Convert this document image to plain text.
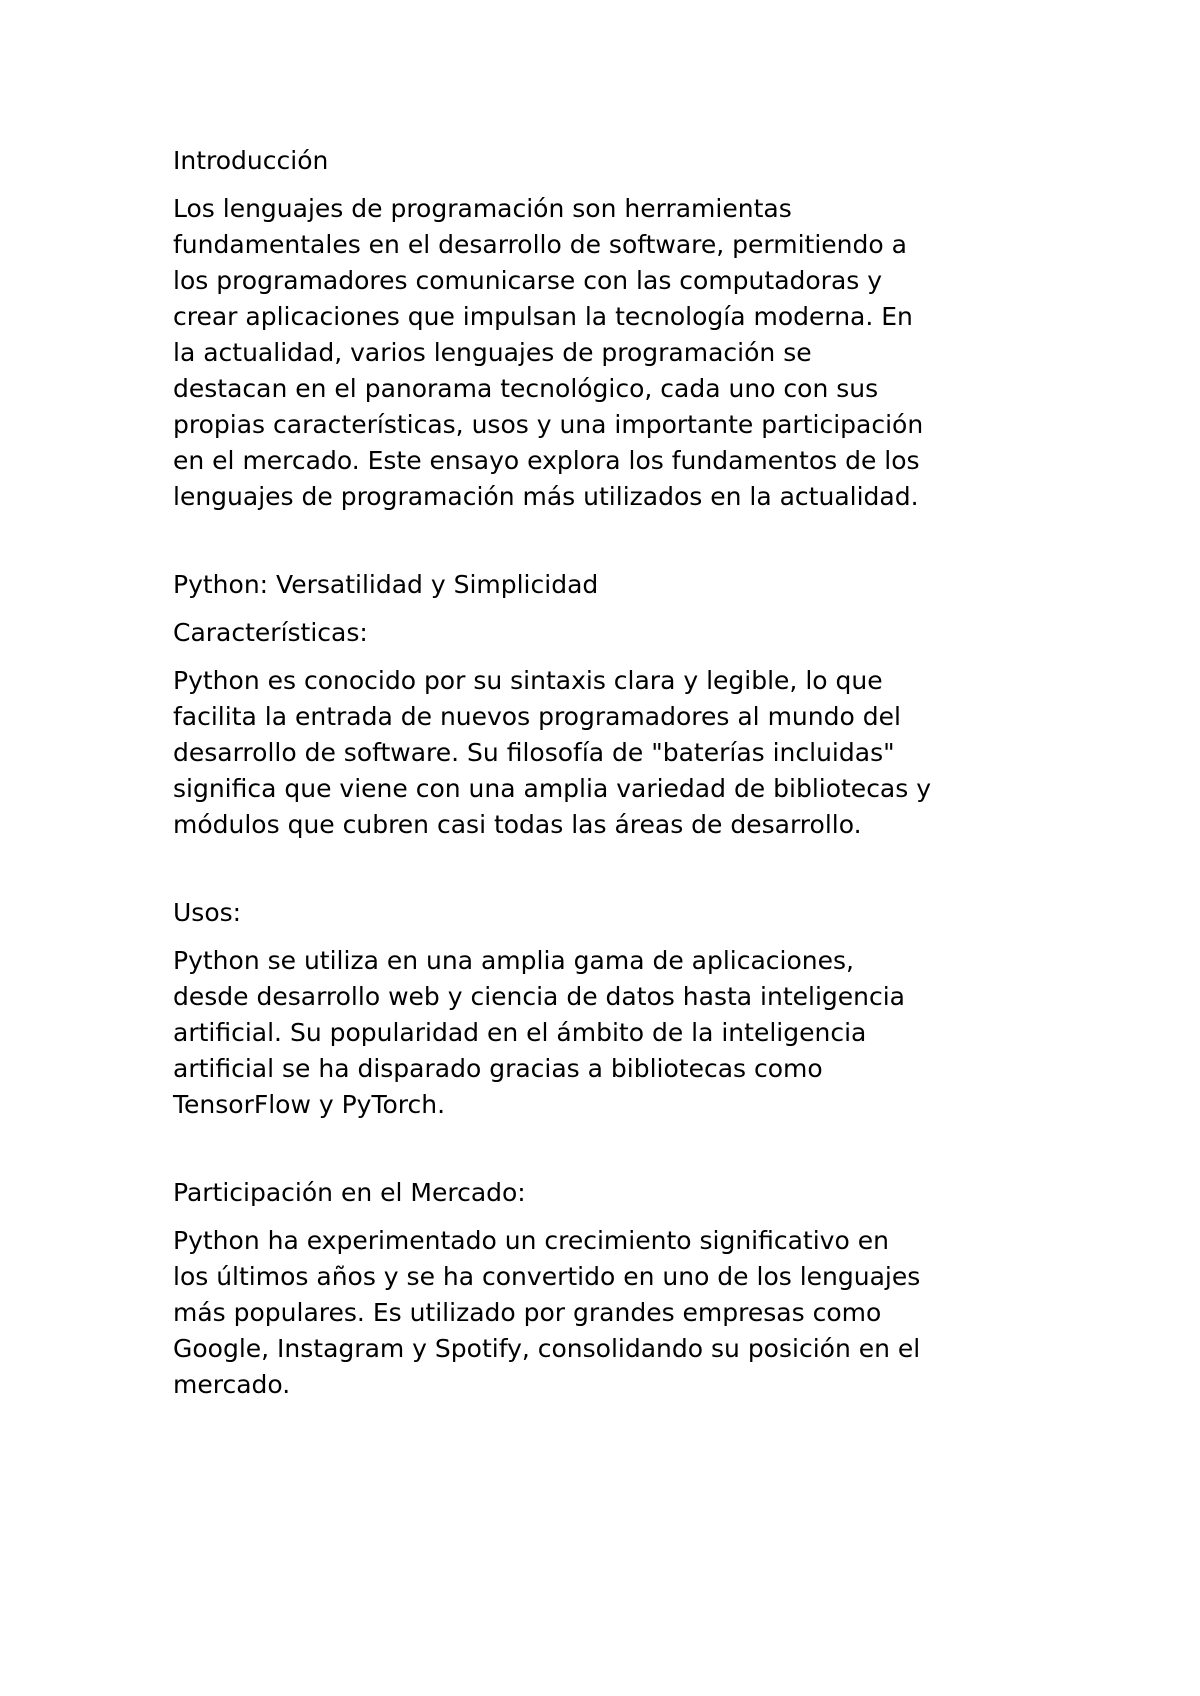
Introducción
Los lenguajes de programación son herramientas
fundamentales en el desarrollo de software, permitiendo a
los programadores comunicarse con las computadoras y
crear aplicaciones que impulsan la tecnología moderna. En
la actualidad, varios lenguajes de programación se
destacan en el panorama tecnológico, cada uno con sus
propias características, usos y una importante participación
en el mercado. Este ensayo explora los fundamentos de los
lenguajes de programación más utilizados en la actualidad.
Python: Versatilidad y Simplicidad
Características:
Python es conocido por su sintaxis clara y legible, lo que
facilita la entrada de nuevos programadores al mundo del
desarrollo de software. Su filosofía de "baterías incluidas"
significa que viene con una amplia variedad de bibliotecas y
módulos que cubren casi todas las áreas de desarrollo.
Usos:
Python se utiliza en una amplia gama de aplicaciones,
desde desarrollo web y ciencia de datos hasta inteligencia
artificial. Su popularidad en el ámbito de la inteligencia
artificial se ha disparado gracias a bibliotecas como
TensorFlow y PyTorch.
Participación en el Mercado:
Python ha experimentado un crecimiento significativo en
los últimos años y se ha convertido en uno de los lenguajes
más populares. Es utilizado por grandes empresas como
Google, Instagram y Spotify, consolidando su posición en el
mercado.
